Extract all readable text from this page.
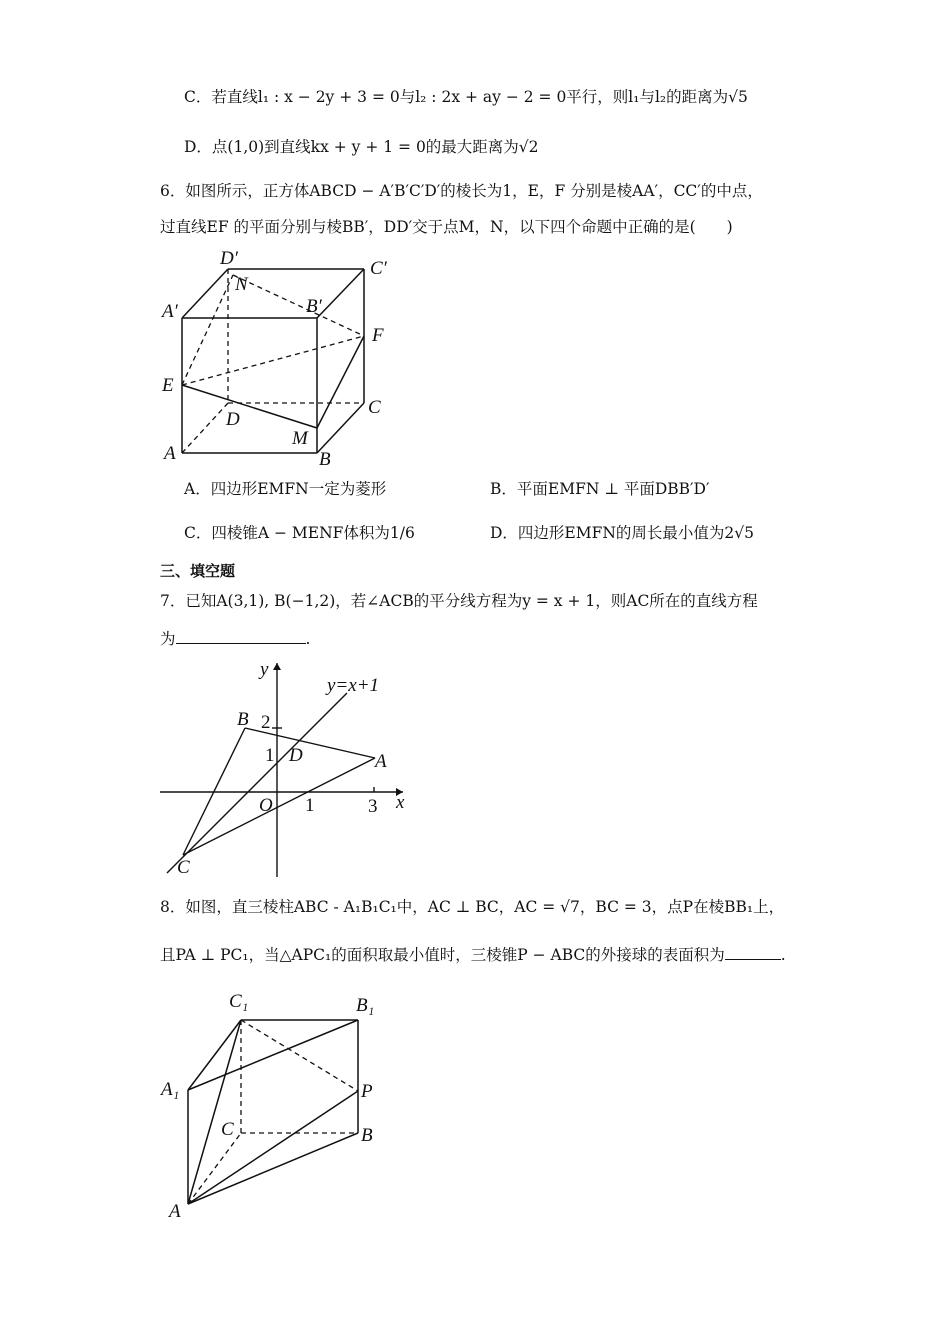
C．若直线l₁ : x − 2y + 3 = 0与l₂ : 2x + ay − 2 = 0平行，则l₁与l₂的距离为√5
D．点(1,0)到直线kx + y + 1 = 0的最大距离为√2
6．如图所示，正方体ABCD − A′B′C′D′的棱长为1，E，F 分别是棱AA′，CC′的中点，
过直线EF 的平面分别与棱BB′，DD′交于点M，N，以下四个命题中正确的是(　　)
D′	C′
N
A′	B′
F
E
D
C
M
A	B
A．四边形EMFN一定为菱形	B．平面EMFN ⊥ 平面DBB′D′
C．四棱锥A − MENF体积为1/6	D．四边形EMFN的周长最小值为2√5
三、填空题
7．已知A(3,1), B(−1,2)，若∠ACB的平分线方程为y = x + 1，则AC所在的直线方程
为	.
y
y=x+1
B 2
1 D	A
O 1	3 x
C
8．如图，直三棱柱ABC - A₁B₁C₁中，AC ⊥ BC，AC = √7，BC = 3，点P在棱BB₁上，
且PA ⊥ PC₁，当△APC₁的面积取最小值时，三棱锥P − ABC的外接球的表面积为	.
C₁	B₁
A₁	P
C	B
A
